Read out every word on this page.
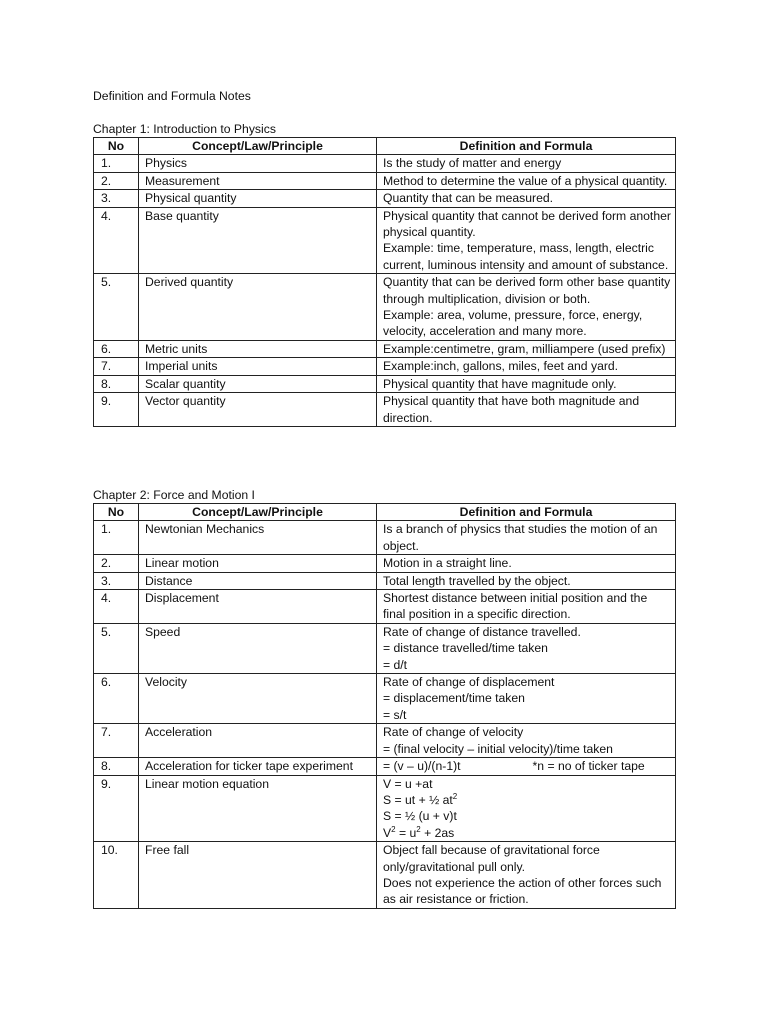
Definition and Formula Notes
Chapter 1: Introduction to Physics
No	Concept/Law/Principle	Definition and Formula
1.	Physics	Is the study of matter and energy
2.	Measurement	Method to determine the value of a physical quantity.
3.	Physical quantity	Quantity that can be measured.
4.	Base quantity	Physical quantity that cannot be derived form another physical quantity.
Example: time, temperature, mass, length, electric current, luminous intensity and amount of substance.

5.	Derived quantity	Quantity that can be derived form other base quantity through multiplication, division or both.
Example: area, volume, pressure, force, energy, velocity, acceleration and many more.

6.	Metric units	Example:centimetre, gram, milliampere (used prefix)
7.	Imperial units	Example:inch, gallons, miles, feet and yard.
8.	Scalar quantity	Physical quantity that have magnitude only.
9.	Vector quantity	Physical quantity that have both magnitude and direction.
Chapter 2: Force and Motion I
No	Concept/Law/Principle	Definition and Formula
1.	Newtonian Mechanics	Is a branch of physics that studies the motion of an object.
2.	Linear motion	Motion in a straight line.
3.	Distance	Total length travelled by the object.
4.	Displacement	Shortest distance between initial position and the final position in a specific direction.
5.	Speed	Rate of change of distance travelled.
= distance travelled/time taken
= d/t

6.	Velocity	Rate of change of displacement
= displacement/time taken
= s/t

7.	Acceleration	Rate of change of velocity
= (final velocity – initial velocity)/time taken

8.	Acceleration for ticker tape experiment	= (v – u)/(n-1)t *n = no of ticker tape
9.	Linear motion equation	V = u +at
S = ut + ½ $at^2$
S = ½ (u + v)t
$V^2 = u^2 + 2as$

10.	Free fall	Object fall because of gravitational force only/gravitational pull only.
Does not experience the action of other forces such as air resistance or friction.
